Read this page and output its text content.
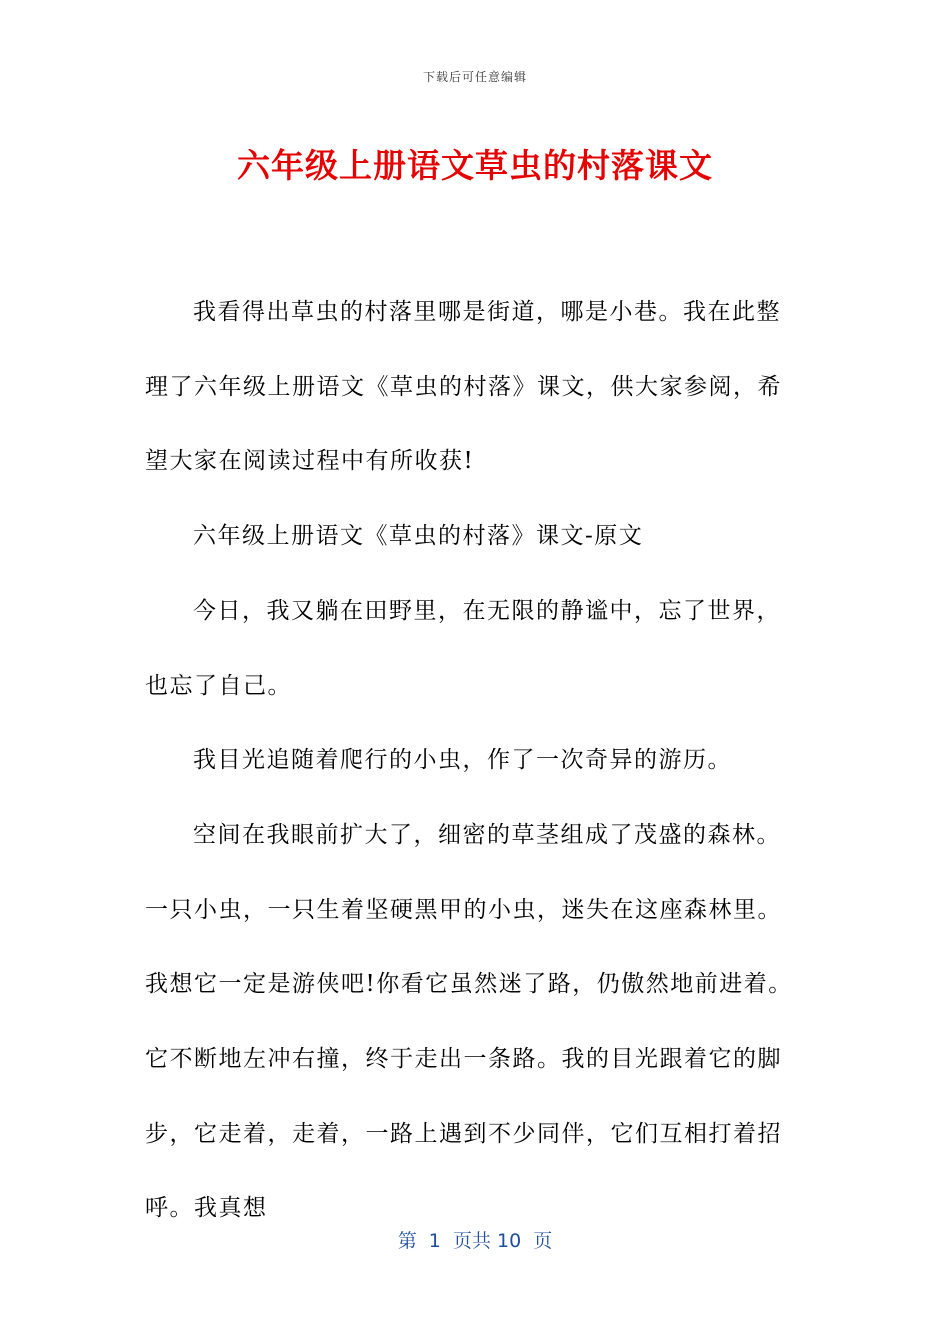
下载后可任意编辑
六年级上册语文草虫的村落课文

我看得出草虫的村落里哪是街道，哪是小巷。我在此整理了六年级上册语文《草虫的村落》课文，供大家参阅，希望大家在阅读过程中有所收获!

六年级上册语文《草虫的村落》课文-原文

今日，我又躺在田野里，在无限的静谧中，忘了世界，也忘了自己。

我目光追随着爬行的小虫，作了一次奇异的游历。

空间在我眼前扩大了，细密的草茎组成了茂盛的森林。一只小虫，一只生着坚硬黑甲的小虫，迷失在这座森林里。我想它一定是游侠吧!你看它虽然迷了路，仍傲然地前进着。它不断地左冲右撞，终于走出一条路。我的目光跟着它的脚步，它走着，走着，一路上遇到不少同伴，它们互相打着招呼。我真想

第  1  页共 10  页
